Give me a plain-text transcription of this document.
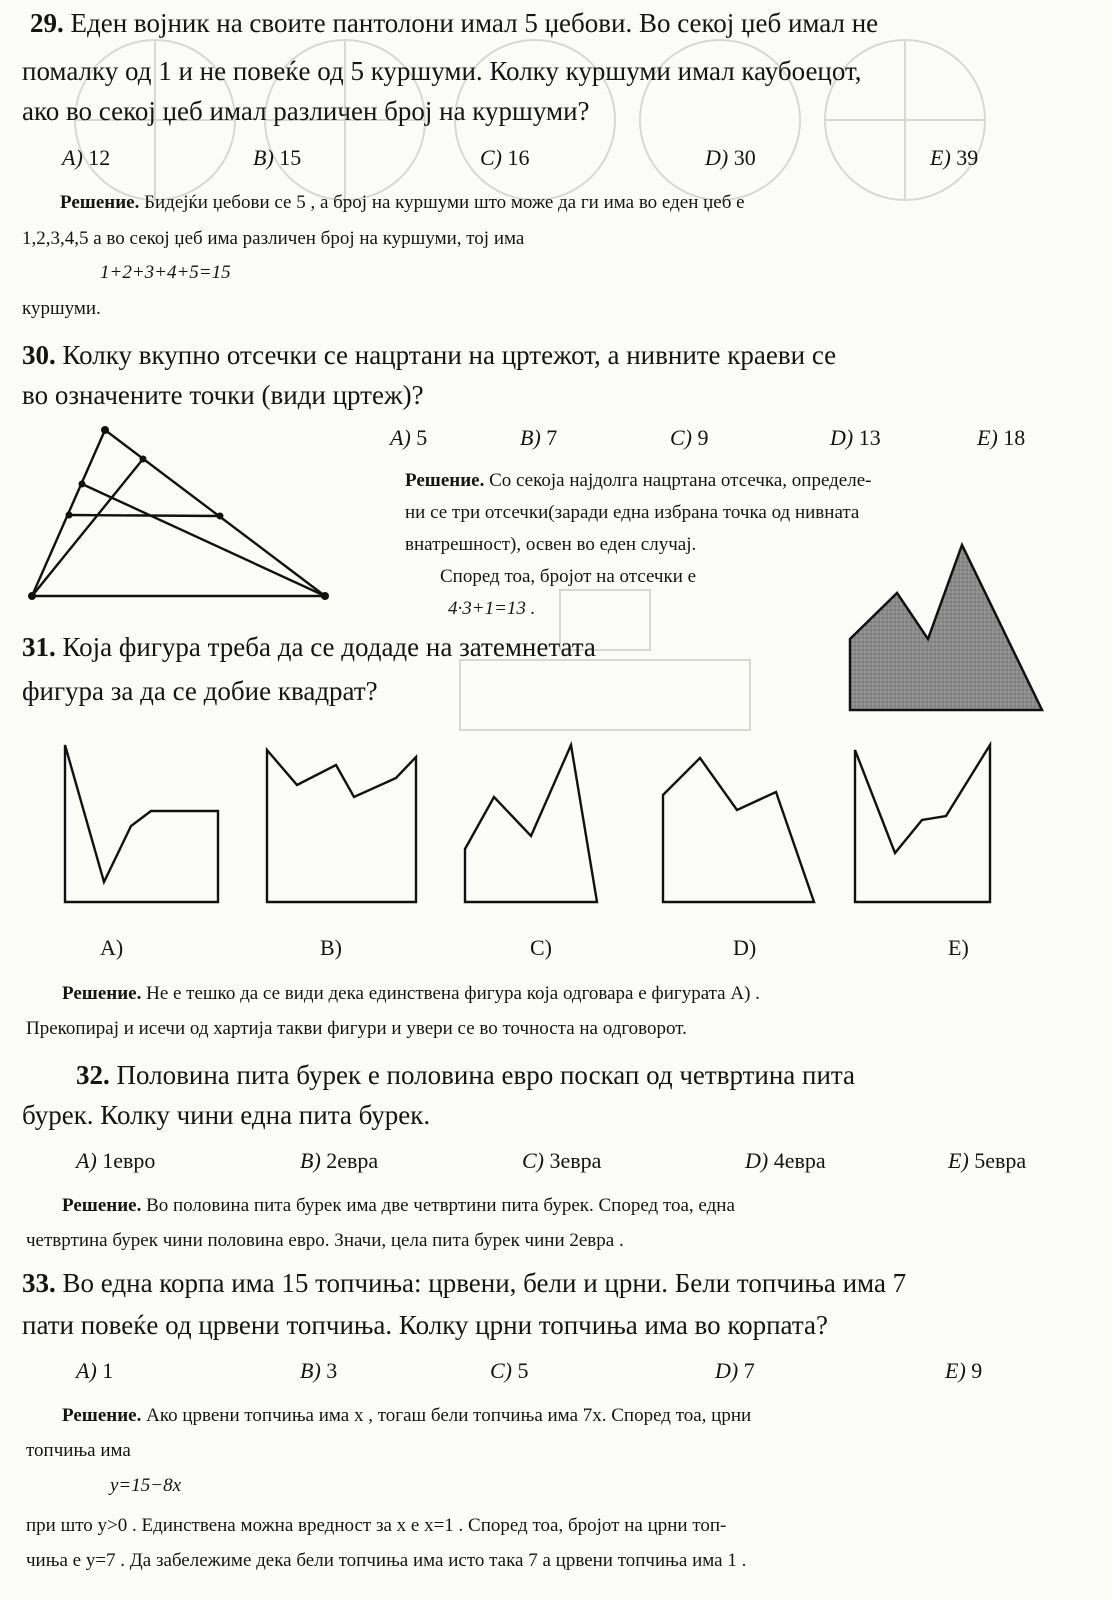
29. Еден војник на своите пантолони имал 5 џебови. Во секој џеб имал не
помалку од 1 и не повеќе од 5 куршуми. Колку куршуми имал каубоецот,
ако во секој џеб имал различен број на куршуми?
A) 12	B) 15	C) 16	D) 30	E) 39
Решение. Бидејќи џебови се 5 , а број на куршуми што може да ги има во еден џеб е
1,2,3,4,5 а во секој џеб има различен број на куршуми, тој има
1+2+3+4+5=15
куршуми.
30. Колку вкупно отсечки се нацртани на цртежот, а нивните краеви се
во означените точки (види цртеж)?
A) 5	B) 7	C) 9	D) 13	E) 18
Решение. Со секоја најдолга нацртана отсечка, определе-
ни се три отсечки(заради една избрана точка од нивната
внатрешност), освен во еден случај.
Според тоа, бројот на отсечки е
4·3+1=13 .
31. Која фигура треба да се додаде на затемнетата
фигура за да се добие квадрат?
A)	B)	C)	D)	E)
Решение. Не е тешко да се види дека единствена фигура која одговара е фигурата A) .
Прекопирај и исечи од хартија такви фигури и увери се во точноста на одговорот.
32. Половина пита бурек е половина евро поскап од четвртина пита
бурек. Колку чини една пита бурек.
A) 1евро	B) 2евра	C) 3евра	D) 4евра	E) 5евра
Решение. Во половина пита бурек има две четвртини пита бурек. Според тоа, една
четвртина бурек чини половина евро. Значи, цела пита бурек чини 2евра .
33. Во една корпа има 15 топчиња: црвени, бели и црни. Бели топчиња има 7
пати повеќе од црвени топчиња. Колку црни топчиња има во корпата?
A) 1	B) 3	C) 5	D) 7	E) 9
Решение. Ако црвени топчиња има x , тогаш бели топчиња има 7x. Според тоа, црни
топчиња има
y=15−8x
при што y>0 . Единствена можна вредност за x е x=1 . Според тоа, бројот на црни топ-
чиња е y=7 . Да забележиме дека бели топчиња има исто така 7 а црвени топчиња има 1 .
